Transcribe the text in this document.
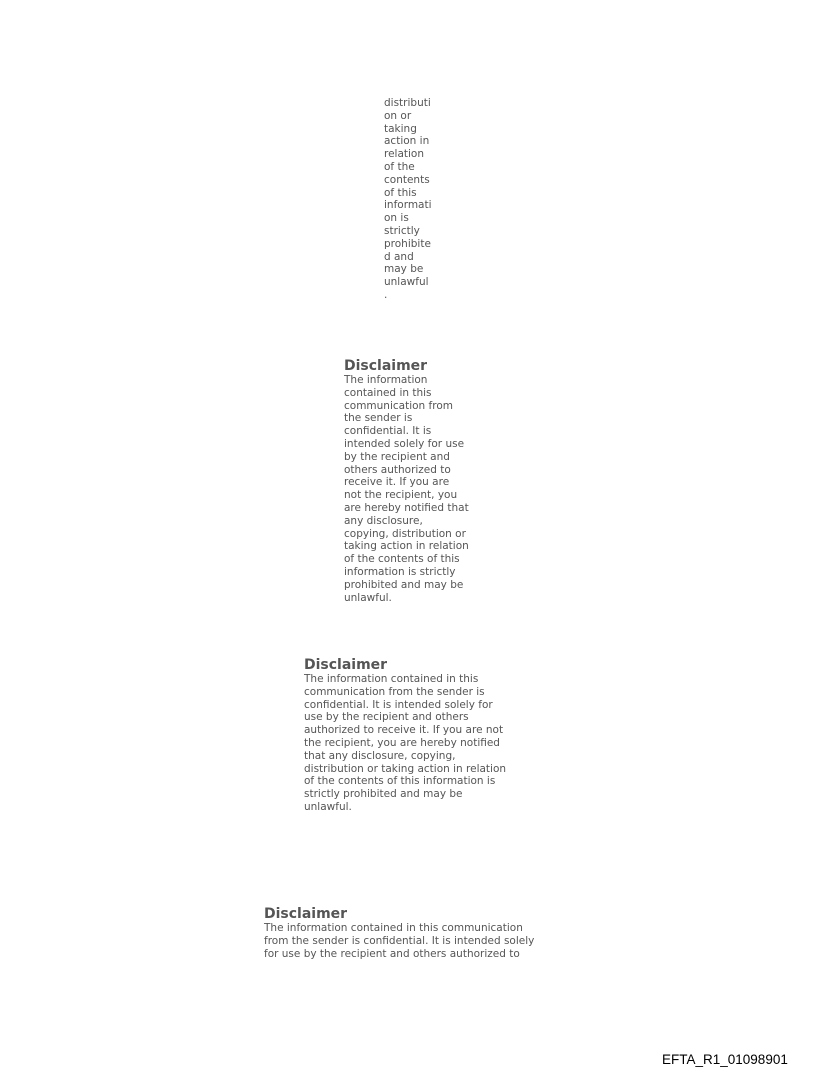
distributi
on or
taking
action in
relation
of the
contents
of this
informati
on is
strictly
prohibite
d and
may be
unlawful
.

Disclaimer

The information
contained in this
communication from
the sender is
confidential. It is
intended solely for use
by the recipient and
others authorized to
receive it. If you are
not the recipient, you
are hereby notified that
any disclosure,
copying, distribution or
taking action in relation
of the contents of this
information is strictly
prohibited and may be
unlawful.

Disclaimer

The information contained in this
communication from the sender is
confidential. It is intended solely for
use by the recipient and others
authorized to receive it. If you are not
the recipient, you are hereby notified
that any disclosure, copying,
distribution or taking action in relation
of the contents of this information is
strictly prohibited and may be
unlawful.

Disclaimer

The information contained in this communication
from the sender is confidential. It is intended solely
for use by the recipient and others authorized to

EFTA_R1_01098901
